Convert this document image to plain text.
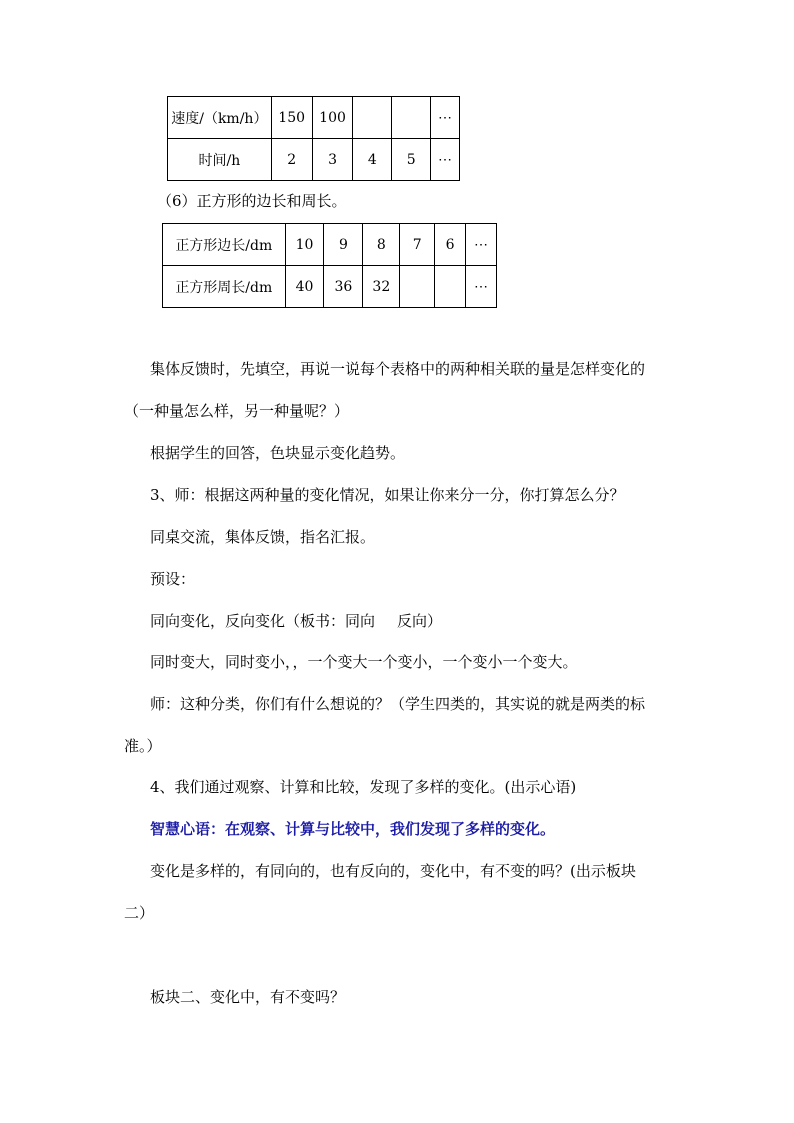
速度/（km/h）	150	100			⋯
时间/h	2	3	4	5	⋯
（6）正方形的边长和周长。
正方形边长/dm	10	9	8	7	6	⋯
正方形周长/dm	40	36	32			⋯
集体反馈时，先填空，再说一说每个表格中的两种相关联的量是怎样变化的
（一种量怎么样，另一种量呢？）
根据学生的回答，色块显示变化趋势。
3、师：根据这两种量的变化情况，如果让你来分一分，你打算怎么分？
同桌交流，集体反馈，指名汇报。
预设：
同向变化，反向变化（板书：同向 反向）
同时变大，同时变小，，一个变大一个变小，一个变小一个变大。
师：这种分类，你们有什么想说的？（学生四类的，其实说的就是两类的标
准。）
4、我们通过观察、计算和比较，发现了多样的变化。(出示心语)
智慧心语：在观察、计算与比较中，我们发现了多样的变化。
变化是多样的，有同向的，也有反向的，变化中，有不变的吗？(出示板块
二）
板块二、变化中，有不变吗？
